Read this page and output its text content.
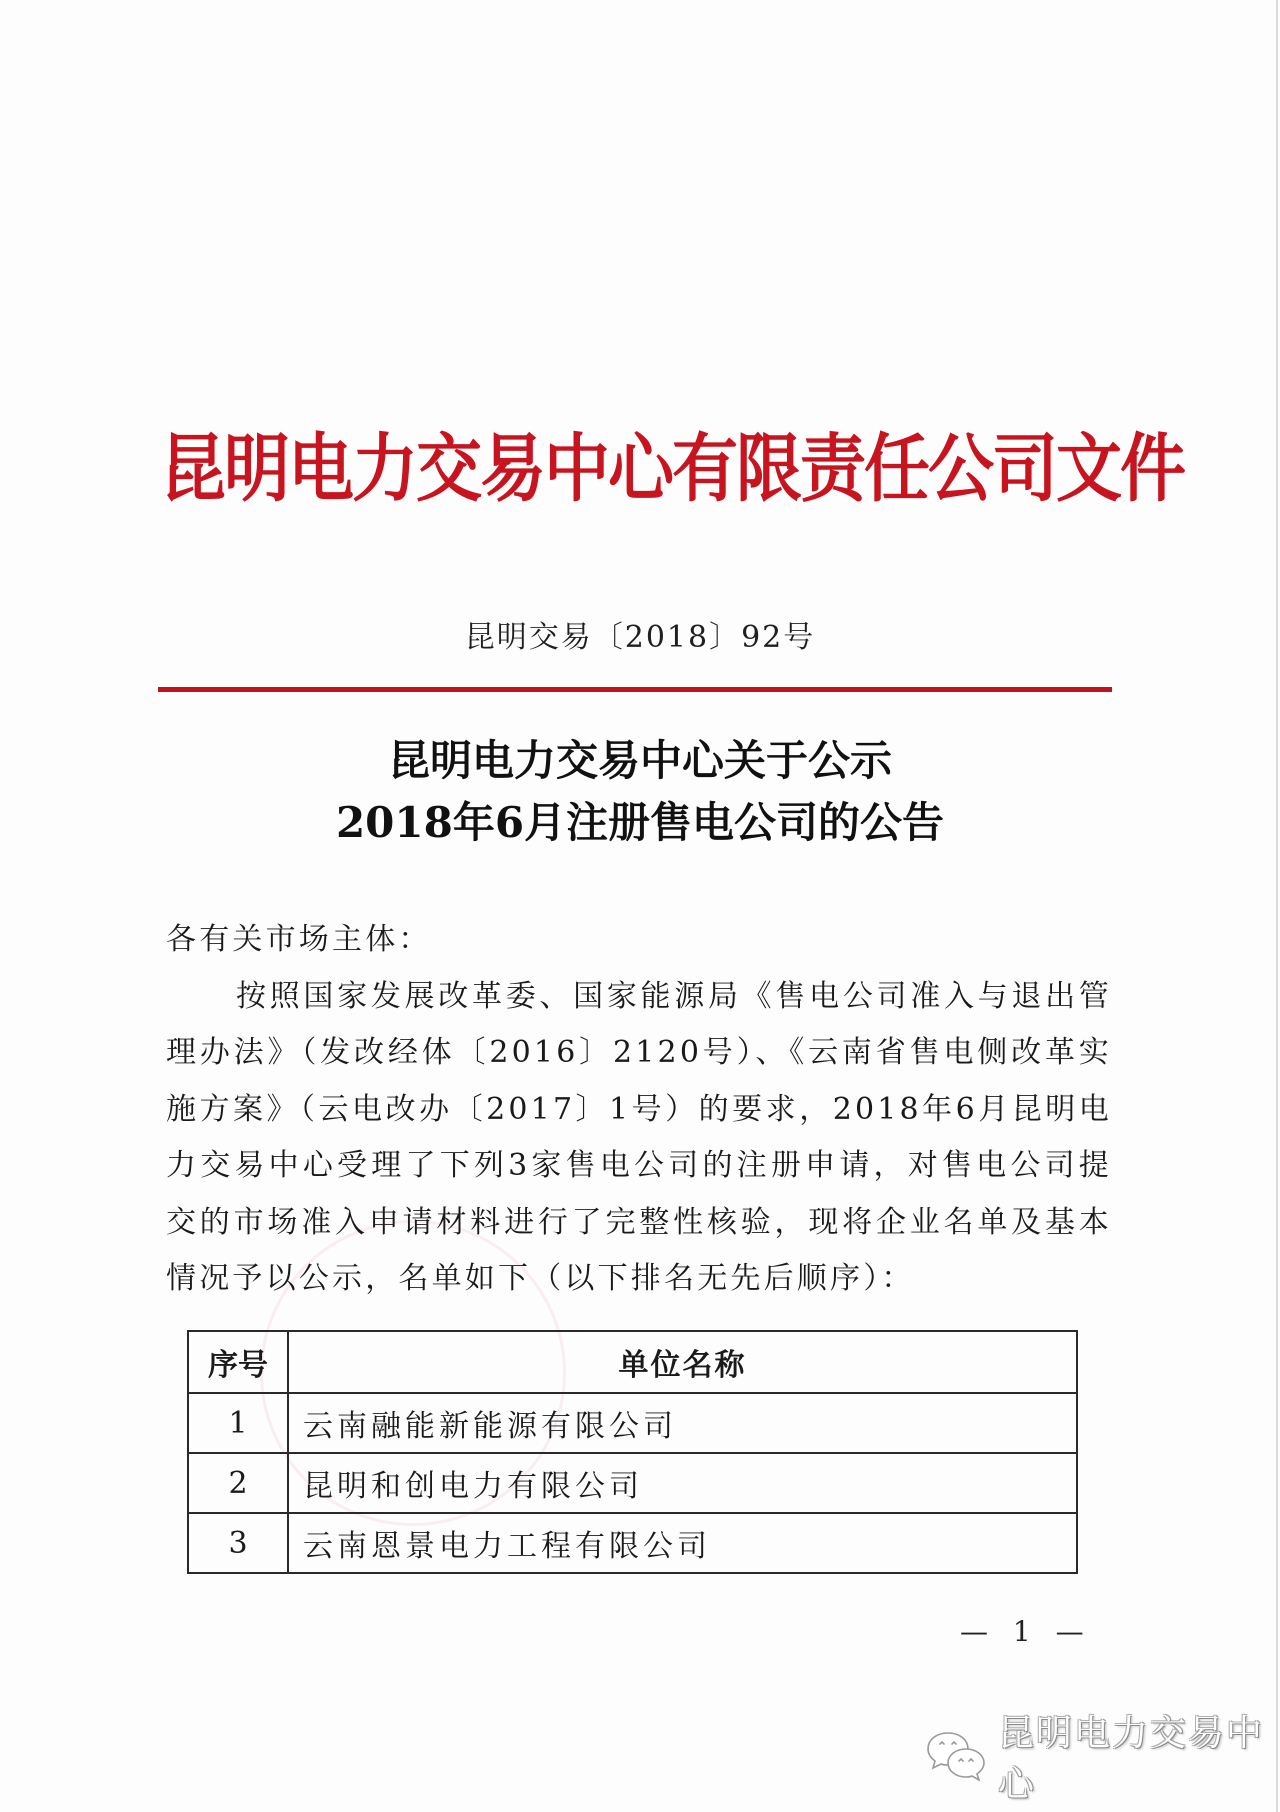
昆明电力交易中心有限责任公司文件
昆明交易〔2018〕92号
昆明电力交易中心关于公示
2018年6月注册售电公司的公告

各有关市场主体：

按照国家发展改革委、国家能源局《售电公司准入与退出管理办法》（发改经体〔2016〕2120号）、《云南省售电侧改革实施方案》（云电改办〔2017〕1号）的要求，2018年6月昆明电力交易中心受理了下列3家售电公司的注册申请，对售电公司提交的市场准入申请材料进行了完整性核验，现将企业名单及基本情况予以公示，名单如下（以下排名无先后顺序）：

序号	单位名称
1	云南融能新能源有限公司
2	昆明和创电力有限公司
3	云南恩景电力工程有限公司
— 1 —
昆明电力交易中心
